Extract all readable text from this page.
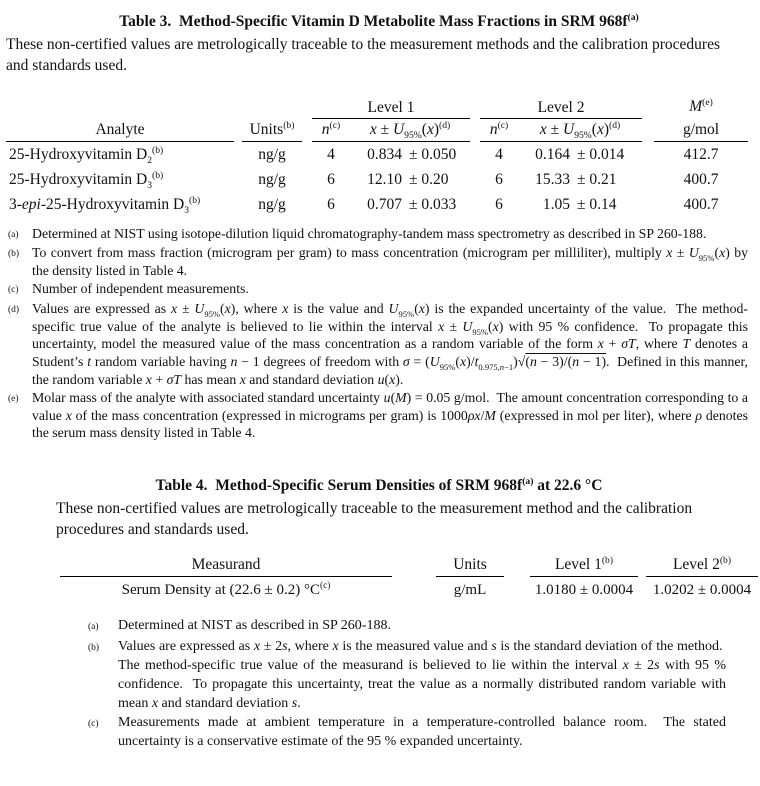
Table 3.  Method-Specific Vitamin D Metabolite Mass Fractions in SRM $968f^{(a)}$

These non-certified values are metrologically traceable to the measurement methods and the calibration procedures and standards used.

				Level 1			Level 2			$M^{(e)}$
Analyte		Units$^{(b)}$		$n^{(c)}$	$x \pm U_{95\%}(x)^{(d)}$		$n^{(c)}$	$x \pm U_{95\%}(x)^{(d)}$		g/mol
25-Hydroxyvitamin $D_2^{(b)}$		ng/g		4	0.834 ± 0.050		4	0.164 ± 0.014		412.7
25-Hydroxyvitamin $D_3^{(b)}$		ng/g		6	12.10 ± 0.20		6	15.33 ± 0.21		400.7
3-epi-25-Hydroxyvitamin $D_3^{(b)}$		ng/g		6	0.707 ± 0.033		6	1.05 ± 0.14		400.7
(a) Determined at NIST using isotope-dilution liquid chromatography-tandem mass spectrometry as described in SP 260-188.
(b) To convert from mass fraction (microgram per gram) to mass concentration (microgram per milliliter), multiply $x \pm U_{95\%}(x)$ by the density listed in Table 4.
(c) Number of independent measurements.
(d) Values are expressed as $x \pm U_{95\%}(x)$, where x is the value and $U_{95\%}(x)$ is the expanded uncertainty of the value.  The method-specific true value of the analyte is believed to lie within the interval $x \pm U_{95\%}(x)$ with 95 % confidence.  To propagate this uncertainty, model the measured value of the mass concentration as a random variable of the form x + σT, where T denotes a Student’s t random variable having n − 1 degrees of freedom with $\sigma = (U_{95\%}(x)/t_{0.975,n-1})√(n - 3)/(n - 1)$.  Defined in this manner, the random variable x + σT has mean x and standard deviation u(x).
(e) Molar mass of the analyte with associated standard uncertainty u(M) = 0.05 g/mol.  The amount concentration corresponding to a value x of the mass concentration (expressed in micrograms per gram) is 1000ρx/M (expressed in mol per liter), where ρ denotes the serum mass density listed in Table 4.
Table 4.  Method-Specific Serum Densities of SRM $968f^{(a)}$ at 22.6 °C

These non-certified values are metrologically traceable to the measurement method and the calibration procedures and standards used.

Measurand		Units		Level 1$^{(b)}$		Level 2$^{(b)}$
Serum Density at (22.6 ± 0.2) $^\circ C^{(c)}$		g/mL		1.0180 ± 0.0004		1.0202 ± 0.0004
(a)	Determined at NIST as described in SP 260-188.
(b)	Values are expressed as x ± 2s, where x is the measured value and s is the standard deviation of the method.  The method-specific true value of the measurand is believed to lie within the interval x ± 2s with 95 % confidence.  To propagate this uncertainty, treat the value as a normally distributed random variable with mean x and standard deviation s.
(c)	Measurements made at ambient temperature in a temperature-controlled balance room.  The stated uncertainty is a conservative estimate of the 95 % expanded uncertainty.
